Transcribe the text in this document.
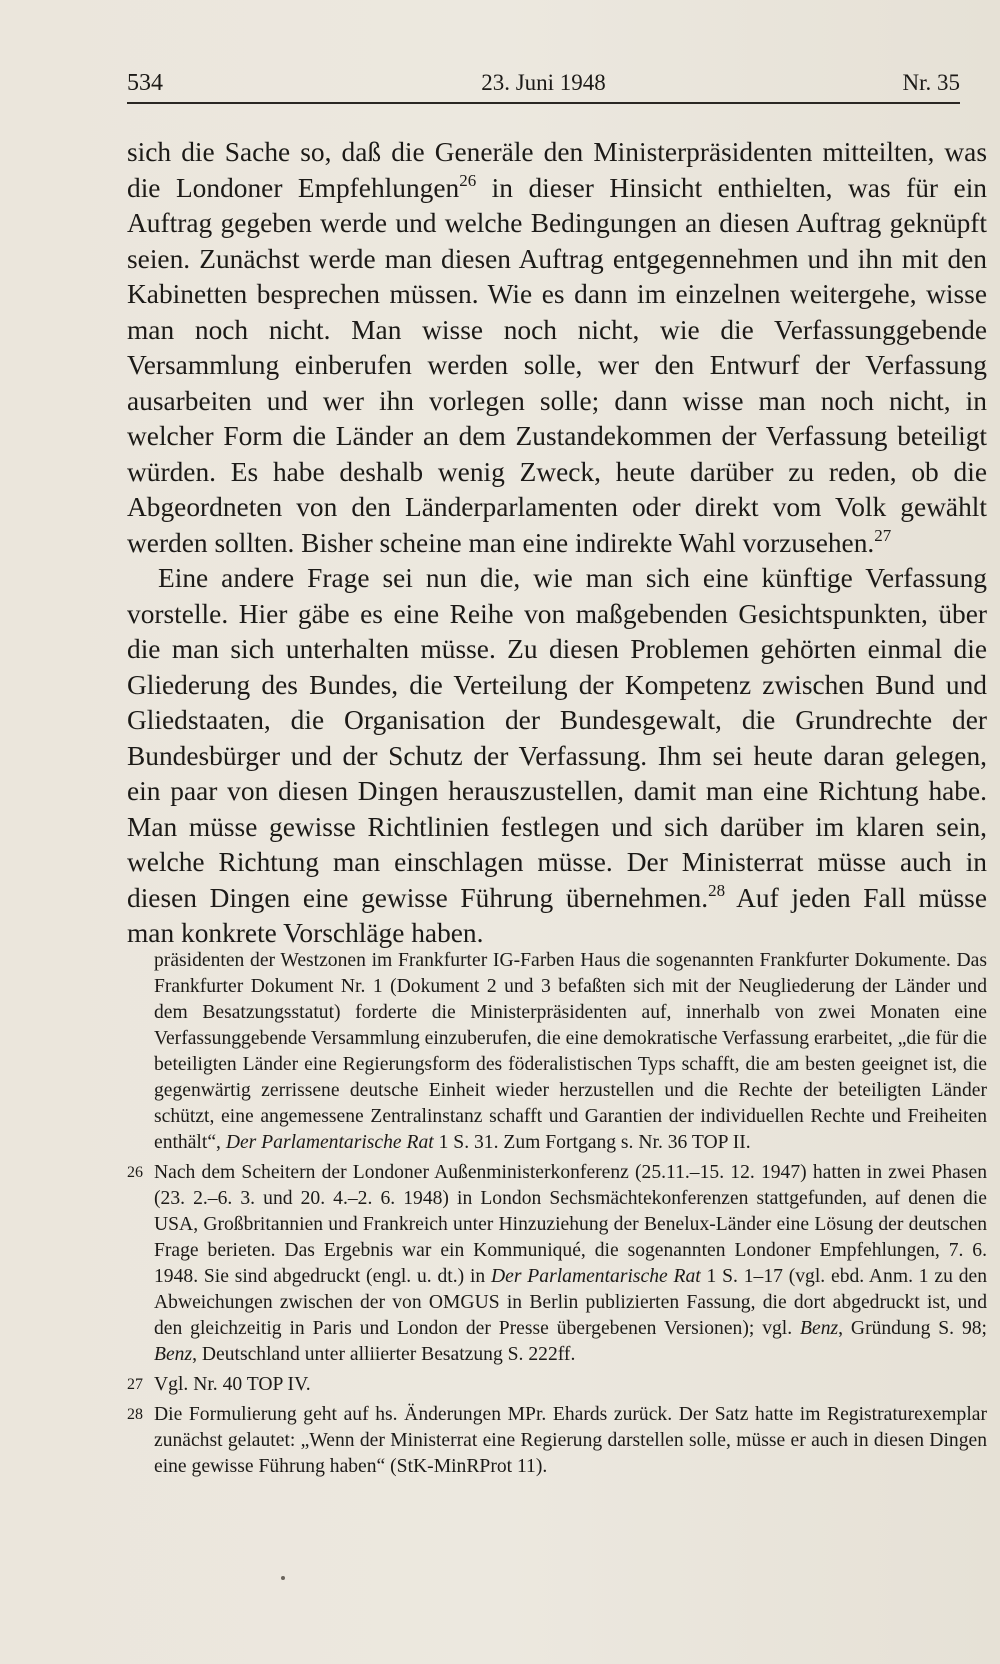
534	23. Juni 1948	Nr. 35

sich die Sache so, daß die Generäle den Ministerpräsidenten mitteilten, was die Londoner Empfehlungen$^{26}$ in dieser Hinsicht enthielten, was für ein Auftrag gegeben werde und welche Bedingungen an diesen Auftrag geknüpft seien. Zunächst werde man diesen Auftrag entgegennehmen und ihn mit den Kabinetten besprechen müssen. Wie es dann im einzelnen weitergehe, wisse man noch nicht. Man wisse noch nicht, wie die Verfassunggebende Versammlung einberufen werden solle, wer den Entwurf der Verfassung ausarbeiten und wer ihn vorlegen solle; dann wisse man noch nicht, in welcher Form die Länder an dem Zustandekommen der Verfassung beteiligt würden. Es habe deshalb wenig Zweck, heute darüber zu reden, ob die Abgeordneten von den Länderparlamenten oder direkt vom Volk gewählt werden sollten. Bisher scheine man eine indirekte Wahl vorzusehen.$^{27}$

Eine andere Frage sei nun die, wie man sich eine künftige Verfassung vorstelle. Hier gäbe es eine Reihe von maßgebenden Gesichtspunkten, über die man sich unterhalten müsse. Zu diesen Problemen gehörten einmal die Gliederung des Bundes, die Verteilung der Kompetenz zwischen Bund und Gliedstaaten, die Organisation der Bundesgewalt, die Grundrechte der Bundesbürger und der Schutz der Verfassung. Ihm sei heute daran gelegen, ein paar von diesen Dingen herauszustellen, damit man eine Richtung habe. Man müsse gewisse Richtlinien festlegen und sich darüber im klaren sein, welche Richtung man einschlagen müsse. Der Ministerrat müsse auch in diesen Dingen eine gewisse Führung übernehmen.$^{28}$ Auf jeden Fall müsse man konkrete Vorschläge haben.

präsidenten der Westzonen im Frankfurter IG-Farben Haus die sogenannten Frankfurter Dokumente. Das Frankfurter Dokument Nr. 1 (Dokument 2 und 3 befaßten sich mit der Neugliederung der Länder und dem Besatzungsstatut) forderte die Ministerpräsidenten auf, innerhalb von zwei Monaten eine Verfassunggebende Versammlung einzuberufen, die eine demokratische Verfassung erarbeitet, „die für die beteiligten Länder eine Regierungsform des föderalistischen Typs schafft, die am besten geeignet ist, die gegenwärtig zerrissene deutsche Einheit wieder herzustellen und die Rechte der beteiligten Länder schützt, eine angemessene Zentralinstanz schafft und Garantien der individuellen Rechte und Freiheiten enthält“, Der Parlamentarische Rat 1 S. 31. Zum Fortgang s. Nr. 36 TOP II.
26 Nach dem Scheitern der Londoner Außenministerkonferenz (25.11.–15. 12. 1947) hatten in zwei Phasen (23. 2.–6. 3. und 20. 4.–2. 6. 1948) in London Sechsmächtekonferenzen stattgefunden, auf denen die USA, Großbritannien und Frankreich unter Hinzuziehung der Benelux-Länder eine Lösung der deutschen Frage berieten. Das Ergebnis war ein Kommuniqué, die sogenannten Londoner Empfehlungen, 7. 6. 1948. Sie sind abgedruckt (engl. u. dt.) in Der Parlamentarische Rat 1 S. 1–17 (vgl. ebd. Anm. 1 zu den Abweichungen zwischen der von OMGUS in Berlin publizierten Fassung, die dort abgedruckt ist, und den gleichzeitig in Paris und London der Presse übergebenen Versionen); vgl. Benz, Gründung S. 98; Benz, Deutschland unter alliierter Besatzung S. 222ff.
27 Vgl. Nr. 40 TOP IV.
28 Die Formulierung geht auf hs. Änderungen MPr. Ehards zurück. Der Satz hatte im Registraturexemplar zunächst gelautet: „Wenn der Ministerrat eine Regierung darstellen solle, müsse er auch in diesen Dingen eine gewisse Führung haben“ (StK-MinRProt 11).
